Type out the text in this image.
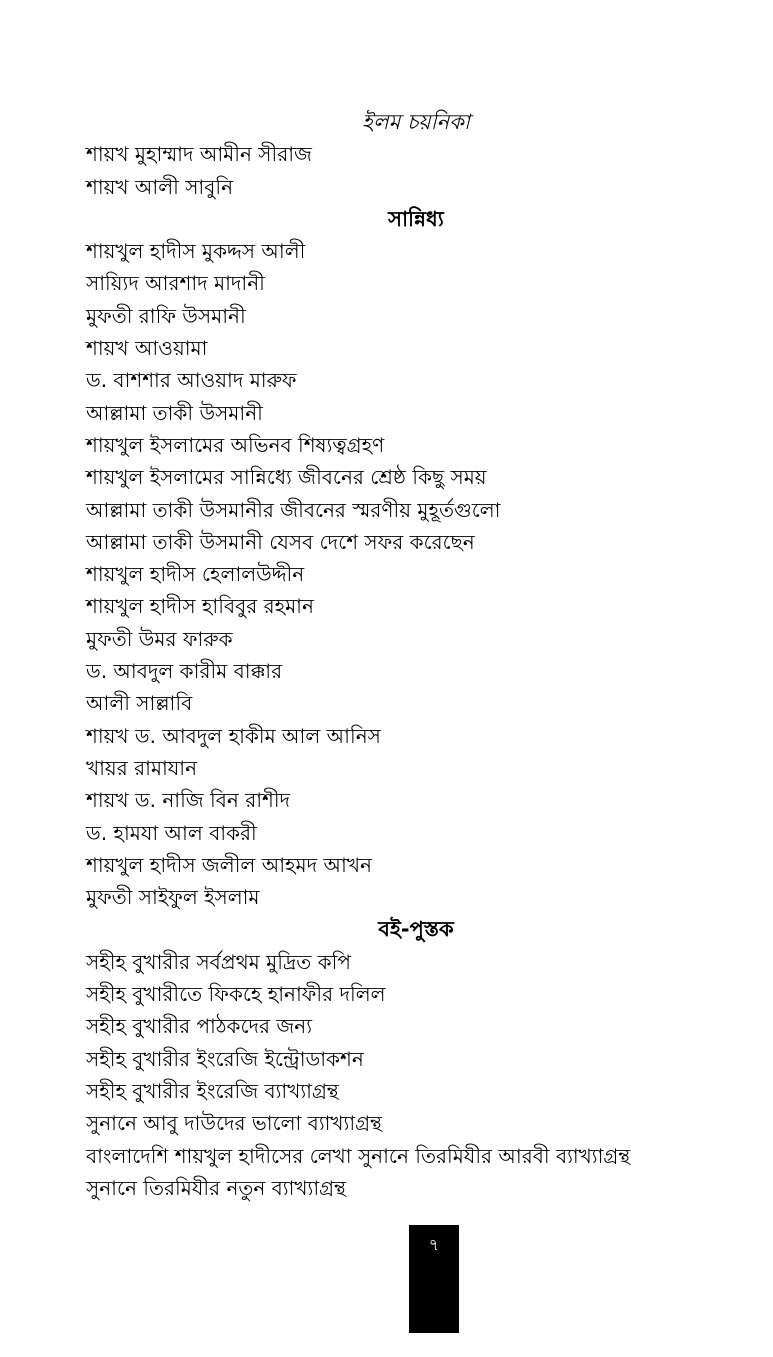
ইলম চয়নিকা
শায়খ মুহাম্মাদ আমীন সীরাজ
শায়খ আলী সাবুনি
সান্নিধ্য
শায়খুল হাদীস মুকদ্দস আলী
সায়্যিদ আরশাদ মাদানী
মুফতী রাফি উসমানী
শায়খ আওয়ামা
ড. বাশশার আওয়াদ মারুফ
আল্লামা তাকী উসমানী
শায়খুল ইসলামের অভিনব শিষ্যত্বগ্রহণ
শায়খুল ইসলামের সান্নিধ্যে জীবনের শ্রেষ্ঠ কিছু সময়
আল্লামা তাকী উসমানীর জীবনের স্মরণীয় মুহূর্তগুলো
আল্লামা তাকী উসমানী যেসব দেশে সফর করেছেন
শায়খুল হাদীস হেলালউদ্দীন
শায়খুল হাদীস হাবিবুর রহমান
মুফতী উমর ফারুক
ড. আবদুল কারীম বাক্কার
আলী সাল্লাবি
শায়খ ড. আবদুল হাকীম আল আনিস
খায়র রামাযান
শায়খ ড. নাজি বিন রাশীদ
ড. হামযা আল বাকরী
শায়খুল হাদীস জলীল আহমদ আখন
মুফতী সাইফুল ইসলাম
বই-পুস্তক
সহীহ বুখারীর সর্বপ্রথম মুদ্রিত কপি
সহীহ বুখারীতে ফিকহে হানাফীর দলিল
সহীহ বুখারীর পাঠকদের জন্য
সহীহ বুখারীর ইংরেজি ইন্ট্রোডাকশন
সহীহ বুখারীর ইংরেজি ব্যাখ্যাগ্রন্থ
সুনানে আবু দাউদের ভালো ব্যাখ্যাগ্রন্থ
বাংলাদেশি শায়খুল হাদীসের লেখা সুনানে তিরমিযীর আরবী ব্যাখ্যাগ্রন্থ
সুনানে তিরমিযীর নতুন ব্যাখ্যাগ্রন্থ
৭
